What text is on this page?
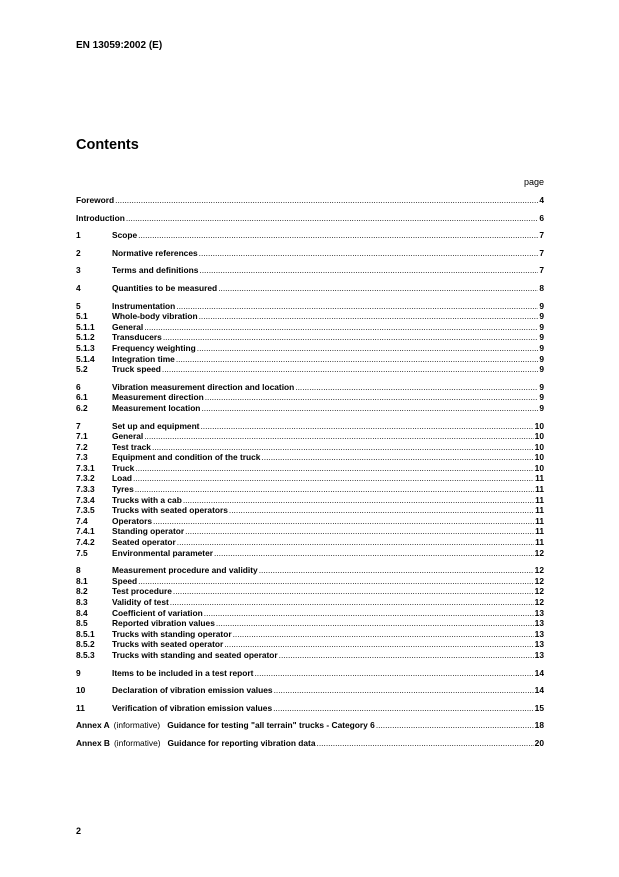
EN 13059:2002 (E)
Contents
page
Foreword .....	4
Introduction .....	6
1	Scope .....	7
2	Normative references .....	7
3	Terms and definitions .....	7
4	Quantities to be measured .....	8
5	Instrumentation .....	9
5.1	Whole-body vibration .....	9
5.1.1	General .....	9
5.1.2	Transducers .....	9
5.1.3	Frequency weighting .....	9
5.1.4	Integration time .....	9
5.2	Truck speed .....	9
6	Vibration measurement direction and location .....	9
6.1	Measurement direction .....	9
6.2	Measurement location .....	9
7	Set up and equipment .....	10
7.1	General .....	10
7.2	Test track .....	10
7.3	Equipment and condition of the truck .....	10
7.3.1	Truck .....	10
7.3.2	Load .....	11
7.3.3	Tyres .....	11
7.3.4	Trucks with a cab .....	11
7.3.5	Trucks with seated operators .....	11
7.4	Operators .....	11
7.4.1	Standing operator .....	11
7.4.2	Seated operator .....	11
7.5	Environmental parameter .....	12
8	Measurement procedure and validity .....	12
8.1	Speed .....	12
8.2	Test procedure .....	12
8.3	Validity of test .....	12
8.4	Coefficient of variation .....	13
8.5	Reported vibration values .....	13
8.5.1	Trucks with standing operator .....	13
8.5.2	Trucks with seated operator .....	13
8.5.3	Trucks with standing and seated operator .....	13
9	Items to be included in a test report .....	14
10	Declaration of vibration emission values .....	14
11	Verification of vibration emission values .....	15
Annex A (informative) Guidance for testing "all terrain" trucks - Category 6 .....	18
Annex B (informative) Guidance for reporting vibration data .....	20
2
